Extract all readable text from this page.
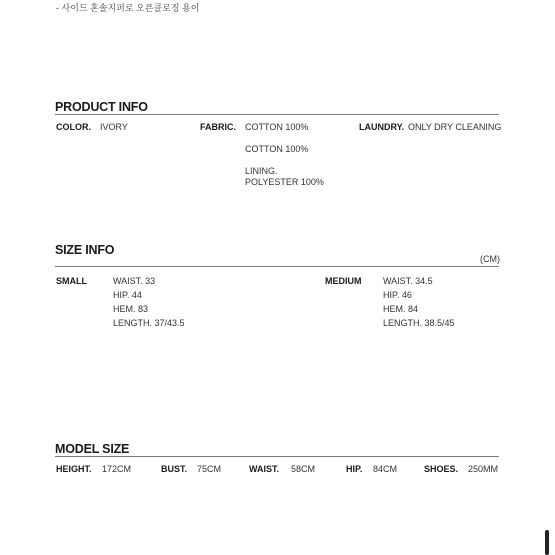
- 사이드 혼솔지퍼로 오픈클로징 용이
PRODUCT INFO
COLOR. IVORY	FABRIC. COTTON 100%
COTTON 100%
LINING.
POLYESTER 100%
LAUNDRY. ONLY DRY CLEANING
SIZE INFO
(CM)
SMALL	WAIST. 33
HIP. 44
HEM. 83
LENGTH. 37/43.5
MEDIUM WAIST. 34.5
HIP. 46
HEM. 84
LENGTH. 38.5/45
MODEL SIZE
HEIGHT. 172CM	BUST. 75CM	WAIST. 58CM	HIP. 84CM	SHOES. 250MM
